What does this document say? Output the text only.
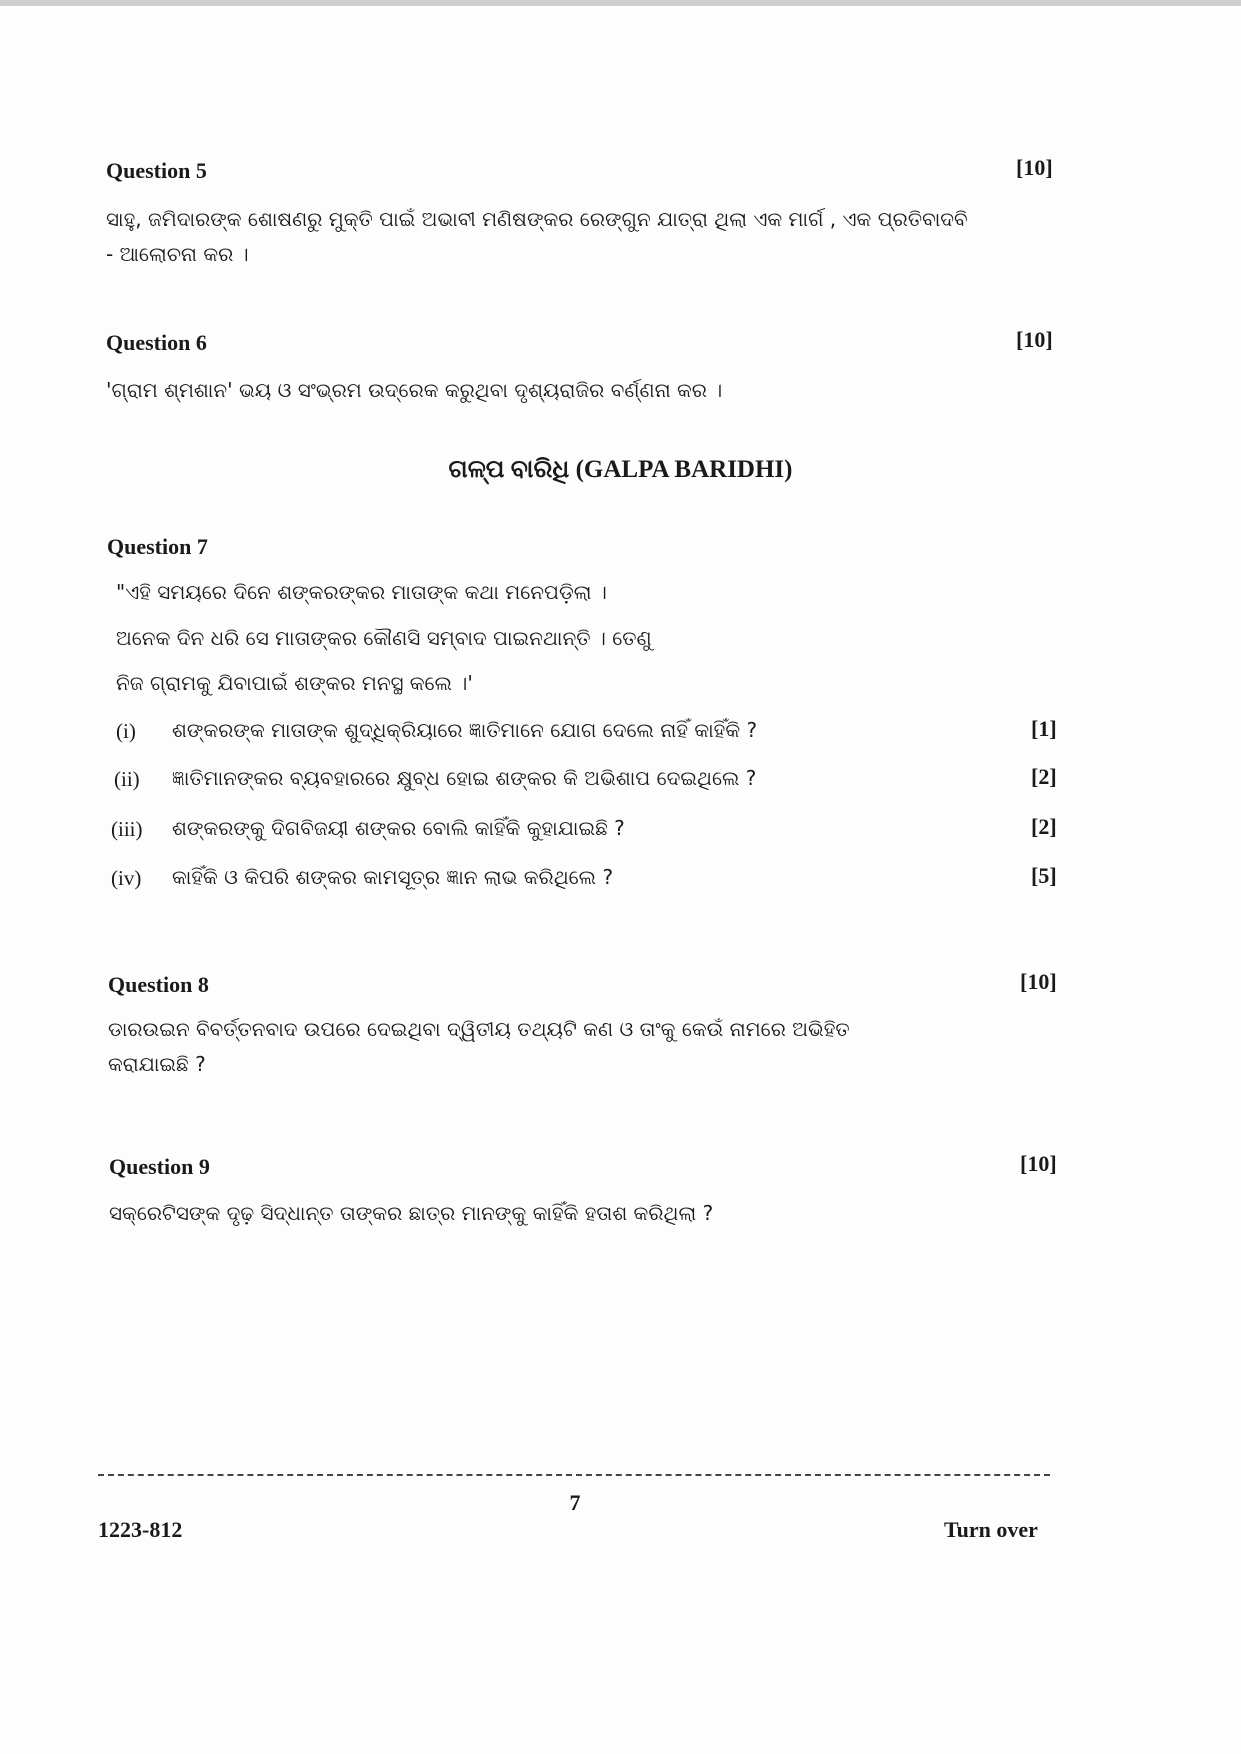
Question 5	[10]
ସାହୁ, ଜମିଦାରଙ୍କ ଶୋଷଣରୁ ମୁକ୍ତି ପାଇଁ ଅଭାବୀ ମଣିଷଙ୍କର ରେଙ୍ଗୁନ ଯାତ୍ରା ଥିଲା ଏକ ମାର୍ଗ , ଏକ ପ୍ରତିବାଦବି
- ଆଲୋଚନା କର ।
Question 6	[10]
'ଗ୍ରାମ ଶ୍ମଶାନ' ଭୟ ଓ ସଂଭ୍ରମ ଉଦ୍ରେକ କରୁଥିବା ଦୃଶ୍ୟରାଜିର ବର୍ଣ୍ଣନା କର ।
ଗଳ୍ପ ବାରିଧି (GALPA BARIDHI)
Question 7
"ଏହି ସମୟରେ ଦିନେ ଶଙ୍କରଙ୍କର ମାତାଙ୍କ କଥା ମନେପଡ଼ିଲା ।
ଅନେକ ଦିନ ଧରି ସେ ମାତାଙ୍କର କୌଣସି ସମ୍ବାଦ ପାଇନଥାନ୍ତି । ତେଣୁ
ନିଜ ଗ୍ରାମକୁ ଯିବାପାଇଁ ଶଙ୍କର ମନସ୍ଥ କଲେ ।'
(i) ଶଙ୍କରଙ୍କ ମାତାଙ୍କ ଶୁଦ୍ଧିକ୍ରିୟାରେ ଜ୍ଞାତିମାନେ ଯୋଗ ଦେଲେ ନାହିଁ କାହିଁକି ?	[1]
(ii) ଜ୍ଞାତିମାନଙ୍କର ବ୍ୟବହାରରେ କ୍ଷୁବ୍ଧ ହୋଇ ଶଙ୍କର କି ଅଭିଶାପ ଦେଇଥିଲେ ?	[2]
(iii) ଶଙ୍କରଙ୍କୁ ଦିଗବିଜୟୀ ଶଙ୍କର ବୋଲି କାହିଁକି କୁହାଯାଇଛି ?	[2]
(iv) କାହିଁକି ଓ କିପରି ଶଙ୍କର କାମସୂତ୍ର ଜ୍ଞାନ ଲାଭ କରିଥିଲେ ?	[5]
Question 8	[10]
ଡାରଉଇନ ବିବର୍ତ୍ତନବାଦ ଉପରେ ଦେଇଥିବା ଦ୍ୱିତୀୟ ତଥ୍ୟଟି କଣ ଓ ତାଂକୁ କେଉଁ ନାମରେ ଅଭିହିତ
କରାଯାଇଛି ?
Question 9	[10]
ସକ୍ରେଟିସଙ୍କ ଦୃଢ଼ ସିଦ୍ଧାନ୍ତ ତାଙ୍କର ଛାତ୍ର ମାନଙ୍କୁ କାହିଁକି ହତାଶ କରିଥିଲା ?
7
1223-812	Turn over
